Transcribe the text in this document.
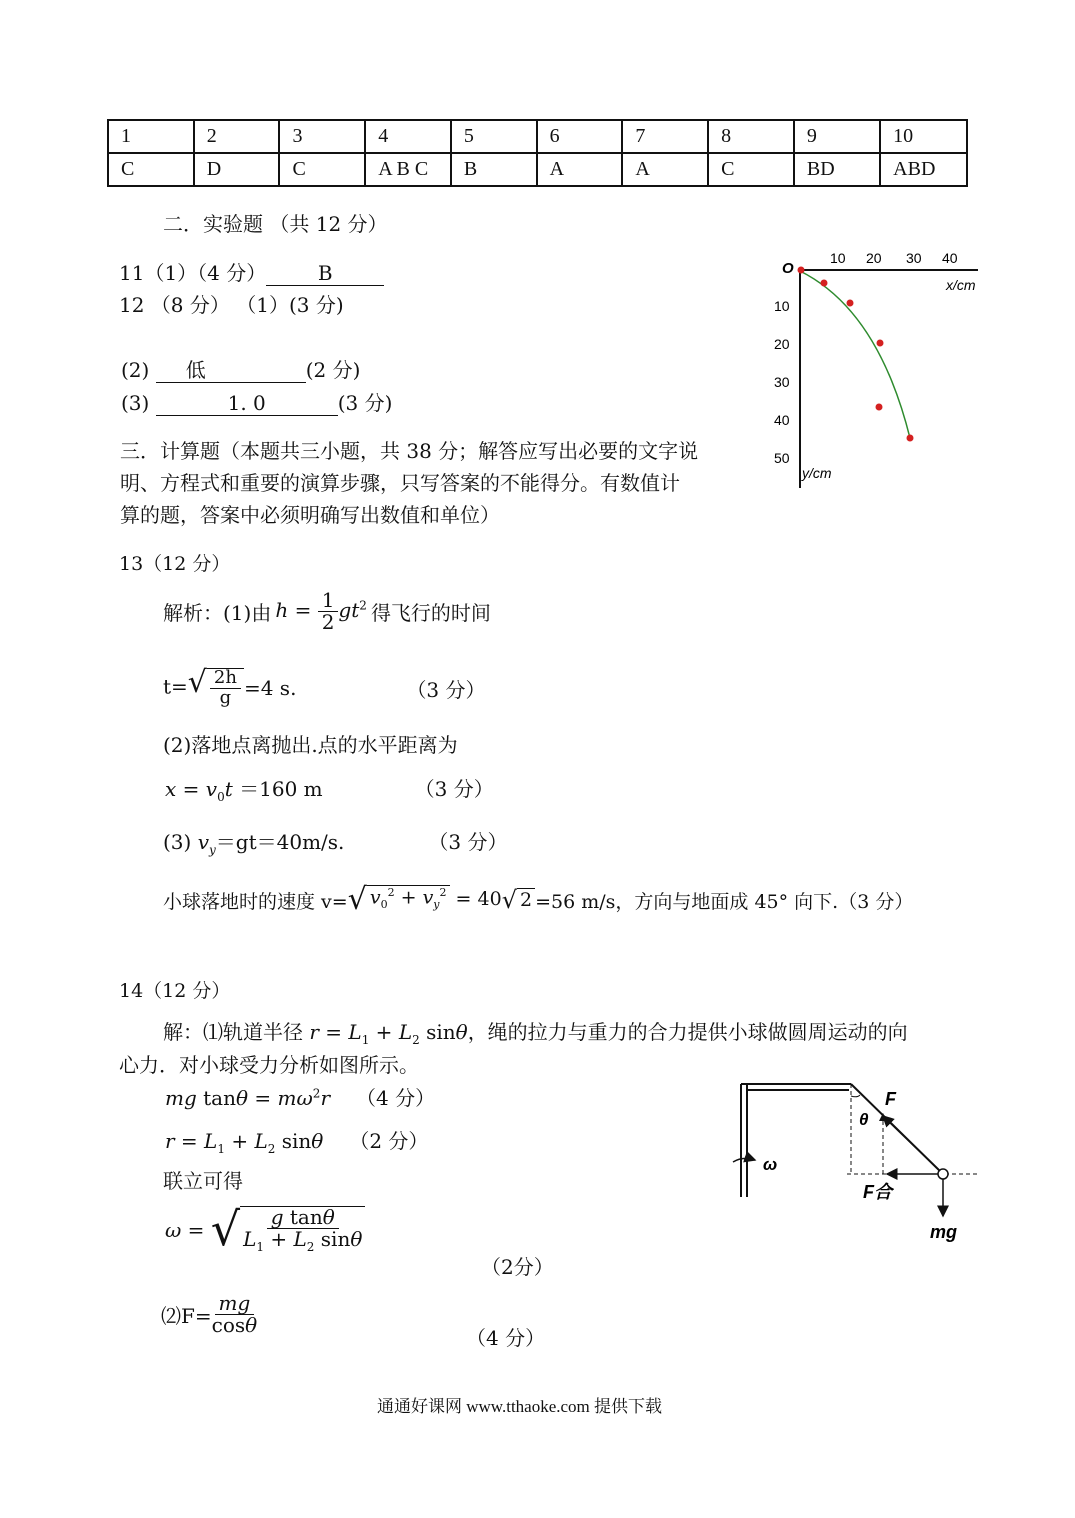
1	2	3	4	5	6	7	8	9	10
C	D	C	A B C	B	A	A	C	BD	ABD
二．实验题 （共 12 分）
11（1）（4 分）	B
12 （8 分） （1）(3 分)
(2) 低	(2 分)
(3)	1. 0	(3 分)
O
10 20 30 40
10
20
30
40
50
x/cm
y/cm
三．计算题（本题共三小题，共 38 分；解答应写出必要的文字说
明、方程式和重要的演算步骤，只写答案的不能得分。有数值计
算的题，答案中必须明确写出数值和单位）
13（12 分）
解析：(1)由 $h = \frac{1}{2} gt^2$ 得飞行的时间
t= √ $\frac{2h}{g} =4$ s.	（3 分）
(2)落地点离抛出.点的水平距离为
$x = v_0t =160$ m	（3 分）
(3) $v_y=gt=40m/s$.	（3 分）
小球落地时的速度 v= √ $v_0^2 + v_y^2 = 40$ √ 2 =56 m/s，方向与地面成 45° 向下.（3 分）
14（12 分）
解：⑴轨道半径 $r = L_1 + L_2$ sinθ，绳的拉力与重力的合力提供小球做圆周运动的向
心力．对小球受力分析如图所示。
mg $\tan\theta = m\omega^2r$ （4 分）
$r = L_1 + L_2$ sinθ （2 分）
联立可得
ω = √ $\frac{\text{g tanθ}}{L_1 + L_2 \sin\theta}$
（2分）
⑵F= $\frac{mg}{\cos\theta}$
（4 分）
ω
θ
F
F合
mg
通通好课网 www.tthaoke.com 提供下载
